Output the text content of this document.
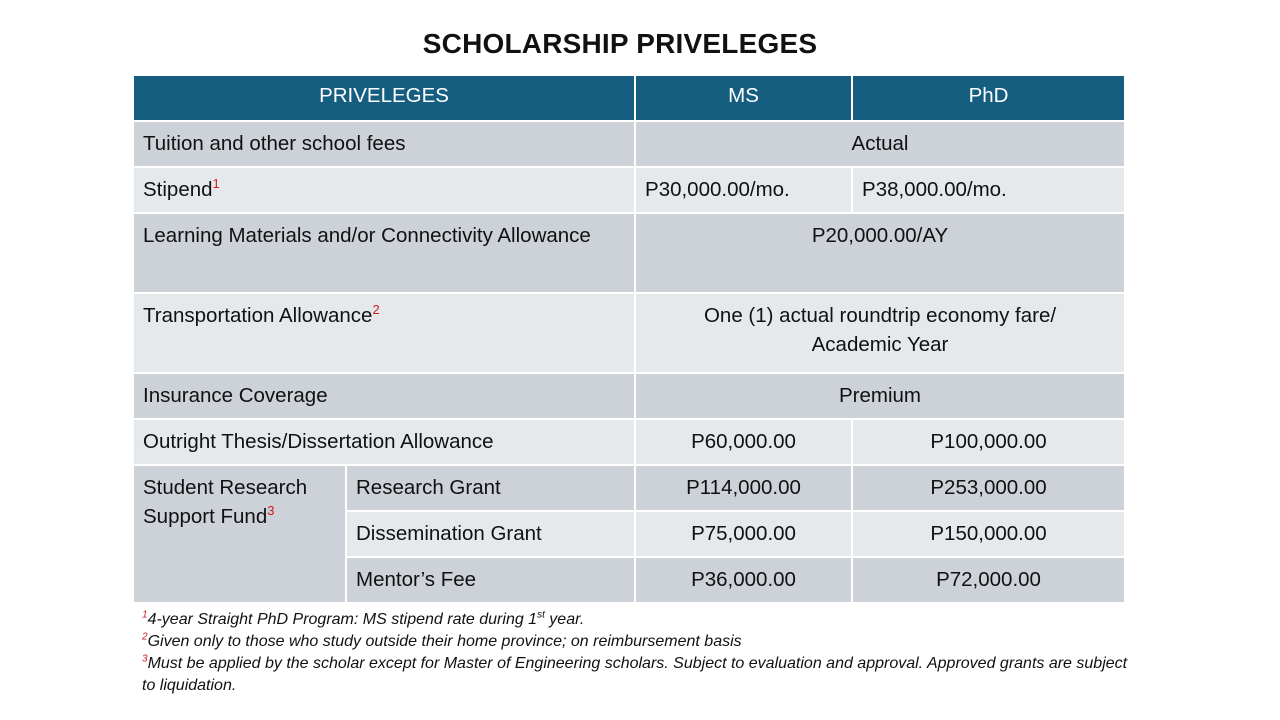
SCHOLARSHIP PRIVELEGES
PRIVELEGES		MS	PhD
Tuition and other school fees		Actual	
Stipend$^1$		P30,000.00/mo.	P38,000.00/mo.
Learning Materials and/or Connectivity Allowance		P20,000.00/AY	
Transportation Allowance$^2$		One (1) actual roundtrip economy fare/ Academic Year	
Insurance Coverage		Premium	
Outright Thesis/Dissertation Allowance		P60,000.00	P100,000.00
Student Research Support Fund$^3$	Research Grant	P114,000.00	P253,000.00
	Dissemination Grant	P75,000.00	P150,000.00
	Mentor’s Fee	P36,000.00	P72,000.00
$^1$4-year Straight PhD Program: MS stipend rate during 1st year.
$^2$Given only to those who study outside their home province; on reimbursement basis
$^3$Must be applied by the scholar except for Master of Engineering scholars. Subject to evaluation and approval. Approved grants are subject to liquidation.
